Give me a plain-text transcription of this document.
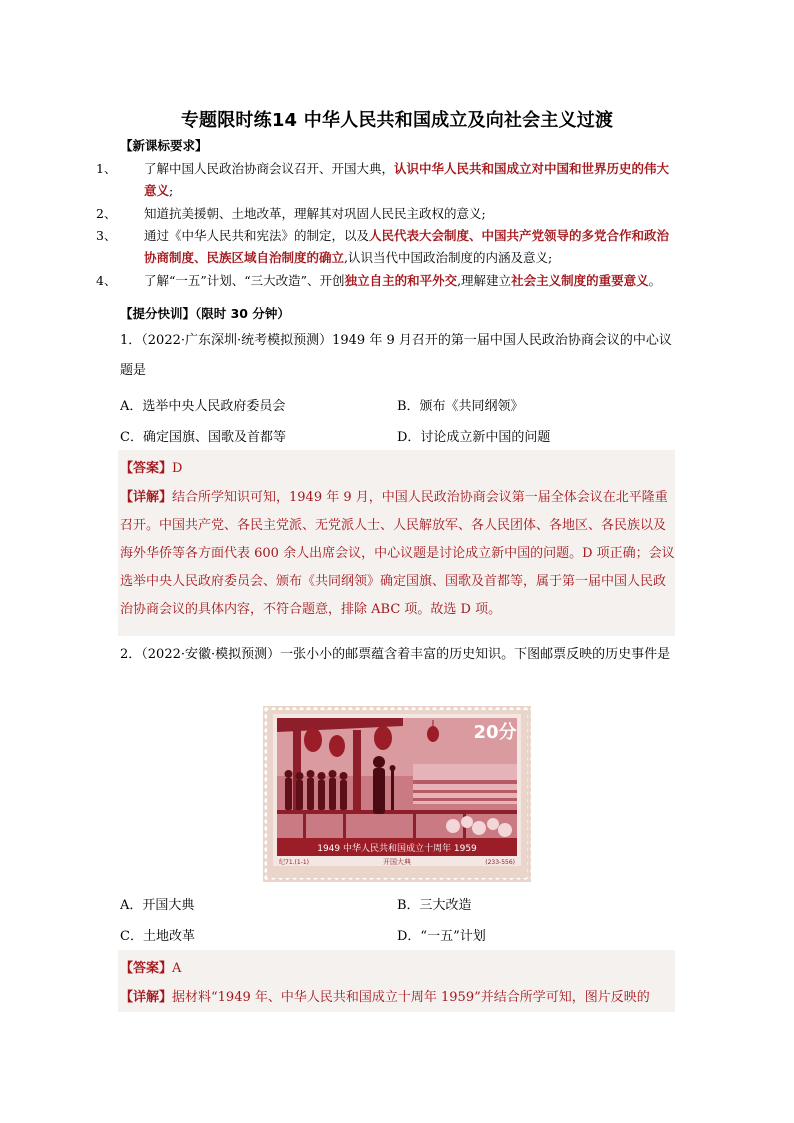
专题限时练14 中华人民共和国成立及向社会主义过渡
【新课标要求】
1、 了解中国人民政治协商会议召开、开国大典，认识中华人民共和国成立对中国和世界历史的伟大意义;
2、 知道抗美援朝、土地改革，理解其对巩固人民民主政权的意义;
3、 通过《中华人民共和宪法》的制定，以及人民代表大会制度、中国共产党领导的多党合作和政治协商制度、民族区域自治制度的确立,认识当代中国政治制度的内涵及意义;
4、 了解“一五”计划、“三大改造”、开创独立自主的和平外交,理解建立社会主义制度的重要意义。
【提分快训】（限时 30 分钟）
1．（2022·广东深圳·统考模拟预测）1949 年 9 月召开的第一届中国人民政治协商会议的中心议题是
A．选举中央人民政府委员会	B．颁布《共同纲领》
C．确定国旗、国歌及首都等	D．讨论成立新中国的问题
【答案】D
【详解】结合所学知识可知，1949 年 9 月，中国人民政治协商会议第一届全体会议在北平隆重召开。中国共产党、各民主党派、无党派人士、人民解放军、各人民团体、各地区、各民族以及海外华侨等各方面代表 600 余人出席会议，中心议题是讨论成立新中国的问题。D 项正确；会议选举中央人民政府委员会、颁布《共同纲领》确定国旗、国歌及首都等，属于第一届中国人民政治协商会议的具体内容，不符合题意，排除 ABC 项。故选 D 项。
2．（2022·安徽·模拟预测）一张小小的邮票蕴含着丰富的历史知识。下图邮票反映的历史事件是
20分
1949 中华人民共和国成立十周年 1959
纪71.(1-1)	开国大典	(233-556)
A．开国大典	B．三大改造
C．土地改革	D．“一五”计划
【答案】A
【详解】据材料“1949 年、中华人民共和国成立十周年 1959”并结合所学可知，图片反映的
